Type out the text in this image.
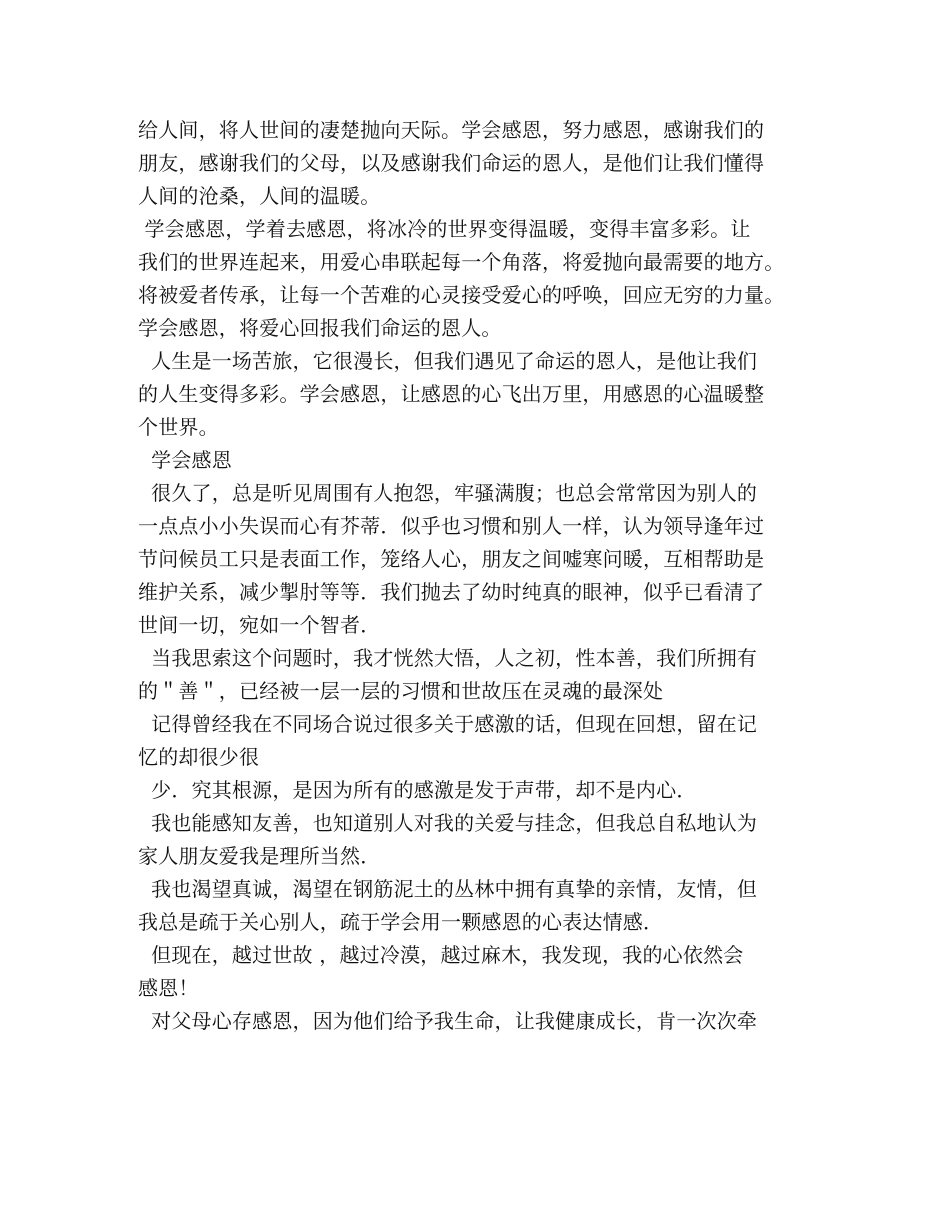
给人间，将人世间的凄楚抛向天际。学会感恩，努力感恩，感谢我们的
朋友，感谢我们的父母，以及感谢我们命运的恩人，是他们让我们懂得
人间的沧桑，人间的温暖。
学会感恩，学着去感恩，将冰冷的世界变得温暖，变得丰富多彩。让
我们的世界连起来，用爱心串联起每一个角落，将爱抛向最需要的地方。
将被爱者传承，让每一个苦难的心灵接受爱心的呼唤，回应无穷的力量。
学会感恩，将爱心回报我们命运的恩人。
人生是一场苦旅，它很漫长，但我们遇见了命运的恩人，是他让我们
的人生变得多彩。学会感恩，让感恩的心飞出万里，用感恩的心温暖整
个世界。
学会感恩
很久了，总是听见周围有人抱怨，牢骚满腹；也总会常常因为别人的
一点点小小失误而心有芥蒂．似乎也习惯和别人一样，认为领导逢年过
节问候员工只是表面工作，笼络人心，朋友之间嘘寒问暖，互相帮助是
维护关系，减少掣肘等等．我们抛去了幼时纯真的眼神，似乎已看清了
世间一切，宛如一个智者．
当我思索这个问题时，我才恍然大悟，人之初，性本善，我们所拥有
的＂善＂，已经被一层一层的习惯和世故压在灵魂的最深处
记得曾经我在不同场合说过很多关于感激的话，但现在回想，留在记
忆的却很少很
少．究其根源，是因为所有的感激是发于声带，却不是内心．
我也能感知友善，也知道别人对我的关爱与挂念，但我总自私地认为
家人朋友爱我是理所当然．
我也渴望真诚，渴望在钢筋泥土的丛林中拥有真挚的亲情，友情，但
我总是疏于关心别人，疏于学会用一颗感恩的心表达情感．
但现在，越过世故 ，越过冷漠，越过麻木，我发现，我的心依然会
感恩！
对父母心存感恩，因为他们给予我生命，让我健康成长，肯一次次牵
